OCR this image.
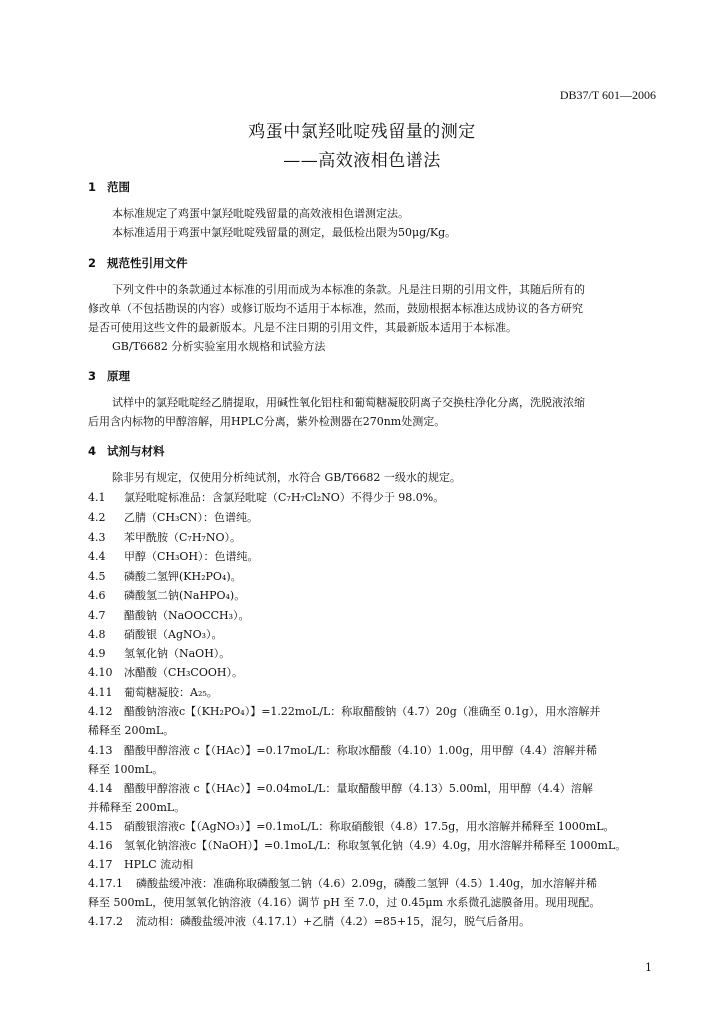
DB37/T 601—2006
鸡蛋中氯羟吡啶残留量的测定
——高效液相色谱法
1 范围
本标准规定了鸡蛋中氯羟吡啶残留量的高效液相色谱测定法。
本标准适用于鸡蛋中氯羟吡啶残留量的测定，最低检出限为50μg/Kg。
2 规范性引用文件
下列文件中的条款通过本标准的引用而成为本标准的条款。凡是注日期的引用文件，其随后所有的
修改单（不包括勘误的内容）或修订版均不适用于本标准，然而，鼓励根据本标准达成协议的各方研究
是否可使用这些文件的最新版本。凡是不注日期的引用文件，其最新版本适用于本标准。
GB/T6682 分析实验室用水规格和试验方法
3 原理
试样中的氯羟吡啶经乙腈提取，用碱性氧化铝柱和葡萄糖凝胶阴离子交换柱净化分离，洗脱液浓缩
后用含内标物的甲醇溶解，用HPLC分离，紫外检测器在270nm处测定。
4 试剂与材料
除非另有规定，仅使用分析纯试剂，水符合 GB/T6682 一级水的规定。
4.1 氯羟吡啶标准品：含氯羟吡啶（C₇H₇Cl₂NO）不得少于 98.0%。
4.2 乙腈（CH₃CN）：色谱纯。
4.3 苯甲酰胺（C₇H₇NO）。
4.4 甲醇（CH₃OH）：色谱纯。
4.5 磷酸二氢钾(KH₂PO₄)。
4.6 磷酸氢二钠(NaHPO₄)。
4.7 醋酸钠（NaOOCCH₃）。
4.8 硝酸银（AgNO₃）。
4.9 氢氧化钠（NaOH）。
4.10 冰醋酸（CH₃COOH）。
4.11 葡萄糖凝胶：A₂₅。
4.12 醋酸钠溶液c【（KH₂PO₄）】=1.22moL/L：称取醋酸钠（4.7）20g（准确至 0.1g），用水溶解并
稀释至 200mL。
4.13 醋酸甲醇溶液 c【（HAc）】=0.17moL/L：称取冰醋酸（4.10）1.00g，用甲醇（4.4）溶解并稀
释至 100mL。
4.14 醋酸甲醇溶液 c【（HAc）】=0.04moL/L：量取醋酸甲醇（4.13）5.00ml，用甲醇（4.4）溶解
并稀释至 200mL。
4.15 硝酸银溶液c【（AgNO₃）】=0.1moL/L：称取硝酸银（4.8）17.5g，用水溶解并稀释至 1000mL。
4.16 氢氧化钠溶液c【（NaOH）】=0.1moL/L：称取氢氧化钠（4.9）4.0g，用水溶解并稀释至 1000mL。
4.17 HPLC 流动相
4.17.1 磷酸盐缓冲液：准确称取磷酸氢二钠（4.6）2.09g，磷酸二氢钾（4.5）1.40g，加水溶解并稀
释至 500mL，使用氢氧化钠溶液（4.16）调节 pH 至 7.0，过 0.45μm 水系微孔滤膜备用。现用现配。
4.17.2 流动相：磷酸盐缓冲液（4.17.1）+乙腈（4.2）=85+15，混匀，脱气后备用。
1
